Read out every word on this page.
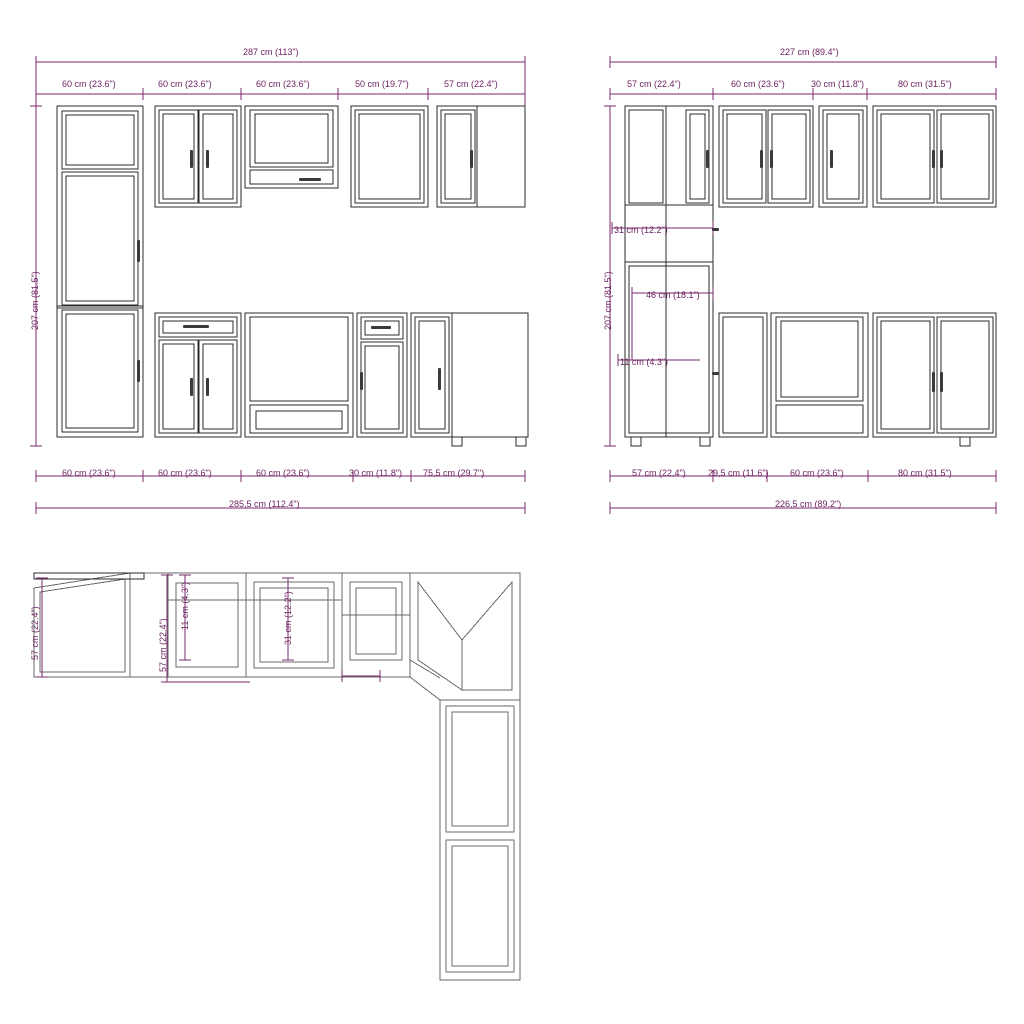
287 cm (113")
60 cm (23.6")	60 cm (23.6")	60 cm (23.6")	50 cm (19.7")	57 cm (22.4")
207 cm (81.5")
60 cm (23.6")	60 cm (23.6")	60 cm (23.6")	30 cm (11.8") 75,5 cm (29.7")
285,5 cm (112.4")
227 cm (89.4")
57 cm (22.4")	60 cm (23.6")	30 cm (11.8")	80 cm (31.5")
207 cm (81.5")
31 cm (12.2")
46 cm (18.1")
11 cm (4.3")
57 cm (22.4") 29,5 cm (11.6") 60 cm (23.6")	80 cm (31.5")
226,5 cm (89.2")
57 cm (22.4")
11 cm (4.3")
57 cm (22.4")
31 cm (12.2")
